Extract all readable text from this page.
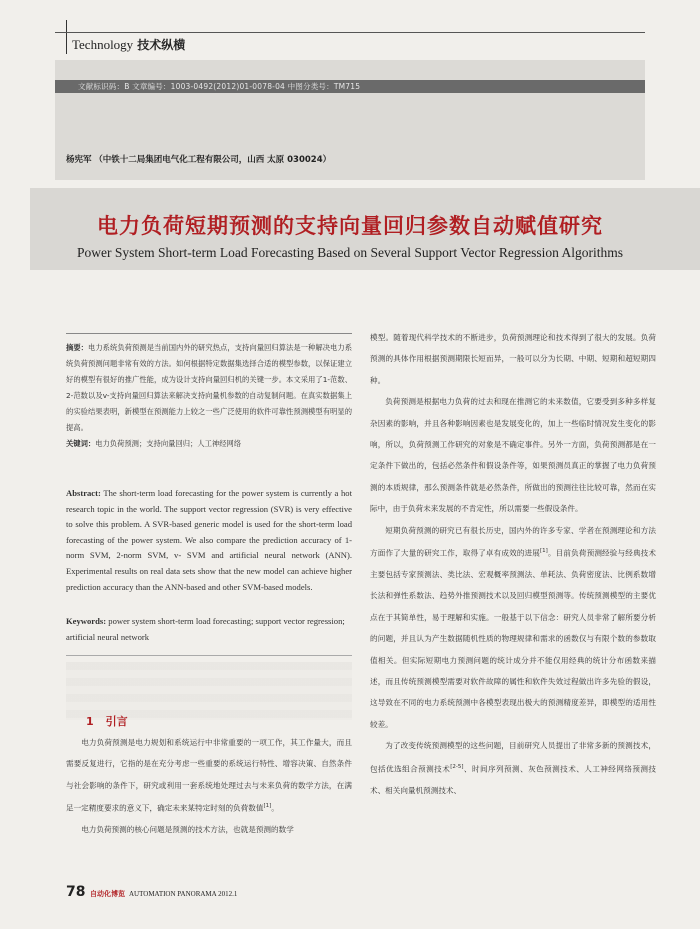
Technology 技术纵横
文献标识码：B 文章编号：1003-0492(2012)01-0078-04 中图分类号：TM715
杨宪军 （中铁十二局集团电气化工程有限公司，山西 太原 030024）
电力负荷短期预测的支持向量回归参数自动赋值研究
Power System Short-term Load Forecasting Based on Several Support Vector Regression Algorithms
摘要：电力系统负荷预测是当前国内外的研究热点，支持向量回归算法是一种解决电力系统负荷预测问题非常有效的方法。如何根据特定数据集选择合适的模型参数，以保证建立好的模型有很好的推广性能，成为设计支持向量回归机的关键一步。本文采用了1-范数、2-范数以及v-支持向量回归算法来解决支持向量机参数的自动复制问题。在真实数据集上的实验结果表明，新模型在预测能力上较之一些广泛使用的软件可靠性预测模型有明显的提高。
关键词：电力负荷预测；支持向量回归；人工神经网络
Abstract: The short-term load forecasting for the power system is currently a hot research topic in the world. The support vector regression (SVR) is very effective to solve this problem. A SVR-based generic model is used for the short-term load forecasting of the power system. We also compare the prediction accuracy of 1-norm SVM, 2-norm SVM, v- SVM and artificial neural network (ANN). Experimental results on real data sets show that the new model can achieve higher prediction accuracy than the ANN-based and other SVM-based models.
Keywords: power system short-term load forecasting; support vector regression; artificial neural network
1 引言

电力负荷预测是电力规划和系统运行中非常重要的一项工作，其工作量大，而且需要反复进行，它指的是在充分考虑一些重要的系统运行特性、增容决策、自然条件与社会影响的条件下，研究或利用一套系统地处理过去与未来负荷的数学方法，在满足一定精度要求的意义下，确定未来某特定时刻的负荷数值[1]。

电力负荷预测的核心问题是预测的技术方法，也就是预测的数学

模型。随着现代科学技术的不断进步，负荷预测理论和技术得到了很大的发展。负荷预测的具体作用根据预测期限长短而异，一般可以分为长期、中期、短期和超短期四种。

负荷预测是根据电力负荷的过去和现在推测它的未来数值，它要受到多种多样复杂因素的影响，并且各种影响因素也是发展变化的，加上一些临时情况发生变化的影响，所以，负荷预测工作研究的对象是不确定事件。另外一方面，负荷预测都是在一定条件下做出的，包括必然条件和假设条件等，如果预测员真正的掌握了电力负荷预测的本质规律，那么预测条件就是必然条件，所做出的预测往往比较可靠，然而在实际中，由于负荷未来发展的不肯定性，所以需要一些假设条件。

短期负荷预测的研究已有很长历史，国内外的许多专家、学者在预测理论和方法方面作了大量的研究工作，取得了卓有成效的进展[1]。目前负荷预测经验与经典技术主要包括专家预测法、类比法、宏观概率预测法、单耗法、负荷密度法、比例系数增长法和弹性系数法、趋势外推预测技术以及回归模型预测等。传统预测模型的主要优点在于其简单性，易于理解和实施。一般基于以下信念：研究人员非常了解所要分析的问题，并且认为产生数据随机性质的物理规律和需求的函数仅与有限个数的参数取值相关。但实际短期电力预测问题的统计成分并不能仅用经典的统计分布函数来描述，而且传统预测模型需要对软件故障的属性和软件失效过程做出许多先验的假设，这导致在不同的电力系统预测中各模型表现出极大的预测精度差异，即模型的适用性较差。

为了改变传统预测模型的这些问题，目前研究人员提出了非常多新的预测技术，包括优选组合预测技术[2-5]、时间序列预测、灰色预测技术、人工神经网络预测技术、相关向量机预测技术、

78 自动化博览 AUTOMATION PANORAMA 2012.1
